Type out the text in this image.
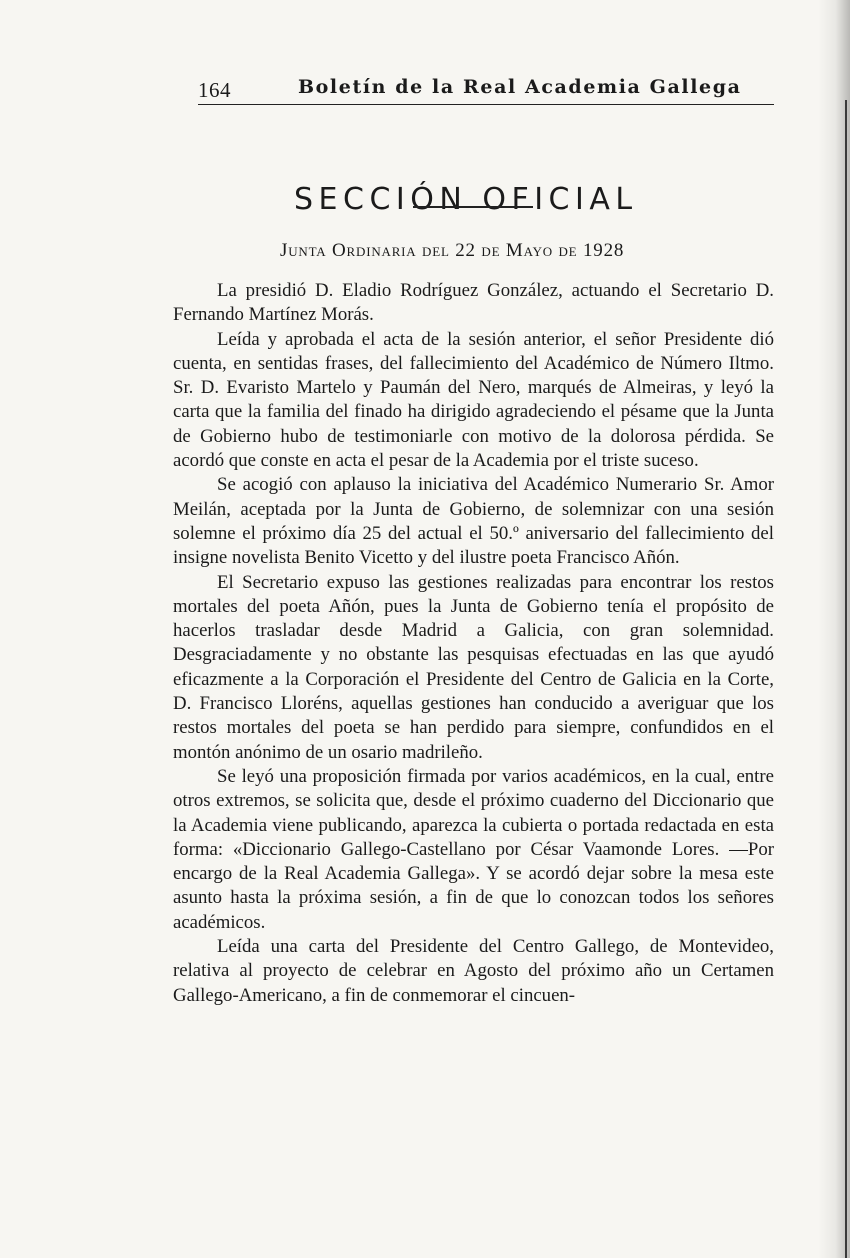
164	Boletín de la Real Academia Gallega
SECCIÓN OFICIAL
Junta Ordinaria del 22 de Mayo de 1928

La presidió D. Eladio Rodríguez González, actuando el Secretario D. Fernando Martínez Morás.

Leída y aprobada el acta de la sesión anterior, el señor Presidente dió cuenta, en sentidas frases, del fallecimiento del Académico de Número Iltmo. Sr. D. Evaristo Martelo y Paumán del Nero, marqués de Almeiras, y leyó la carta que la familia del finado ha dirigido agradeciendo el pésame que la Junta de Gobierno hubo de testimoniarle con motivo de la dolorosa pérdida. Se acordó que conste en acta el pesar de la Academia por el triste suceso.

Se acogió con aplauso la iniciativa del Académico Numerario Sr. Amor Meilán, aceptada por la Junta de Gobierno, de solemnizar con una sesión solemne el próximo día 25 del actual el 50.º aniversario del fallecimiento del insigne novelista Benito Vicetto y del ilustre poeta Francisco Añón.

El Secretario expuso las gestiones realizadas para encontrar los restos mortales del poeta Añón, pues la Junta de Gobierno tenía el propósito de hacerlos trasladar desde Madrid a Galicia, con gran solemnidad. Desgraciadamente y no obstante las pesquisas efectuadas en las que ayudó eficazmente a la Corporación el Presidente del Centro de Galicia en la Corte, D. Francisco Lloréns, aquellas gestiones han conducido a averiguar que los restos mortales del poeta se han perdido para siempre, confundidos en el montón anónimo de un osario madrileño.

Se leyó una proposición firmada por varios académicos, en la cual, entre otros extremos, se solicita que, desde el próximo cuaderno del Diccionario que la Academia viene publicando, aparezca la cubierta o portada redactada en esta forma: «Diccionario Gallego-Castellano por César Vaamonde Lores. —Por encargo de la Real Academia Gallega». Y se acordó dejar sobre la mesa este asunto hasta la próxima sesión, a fin de que lo conozcan todos los señores académicos.

Leída una carta del Presidente del Centro Gallego, de Montevideo, relativa al proyecto de celebrar en Agosto del próximo año un Certamen Gallego-Americano, a fin de conmemorar el cincuen-
